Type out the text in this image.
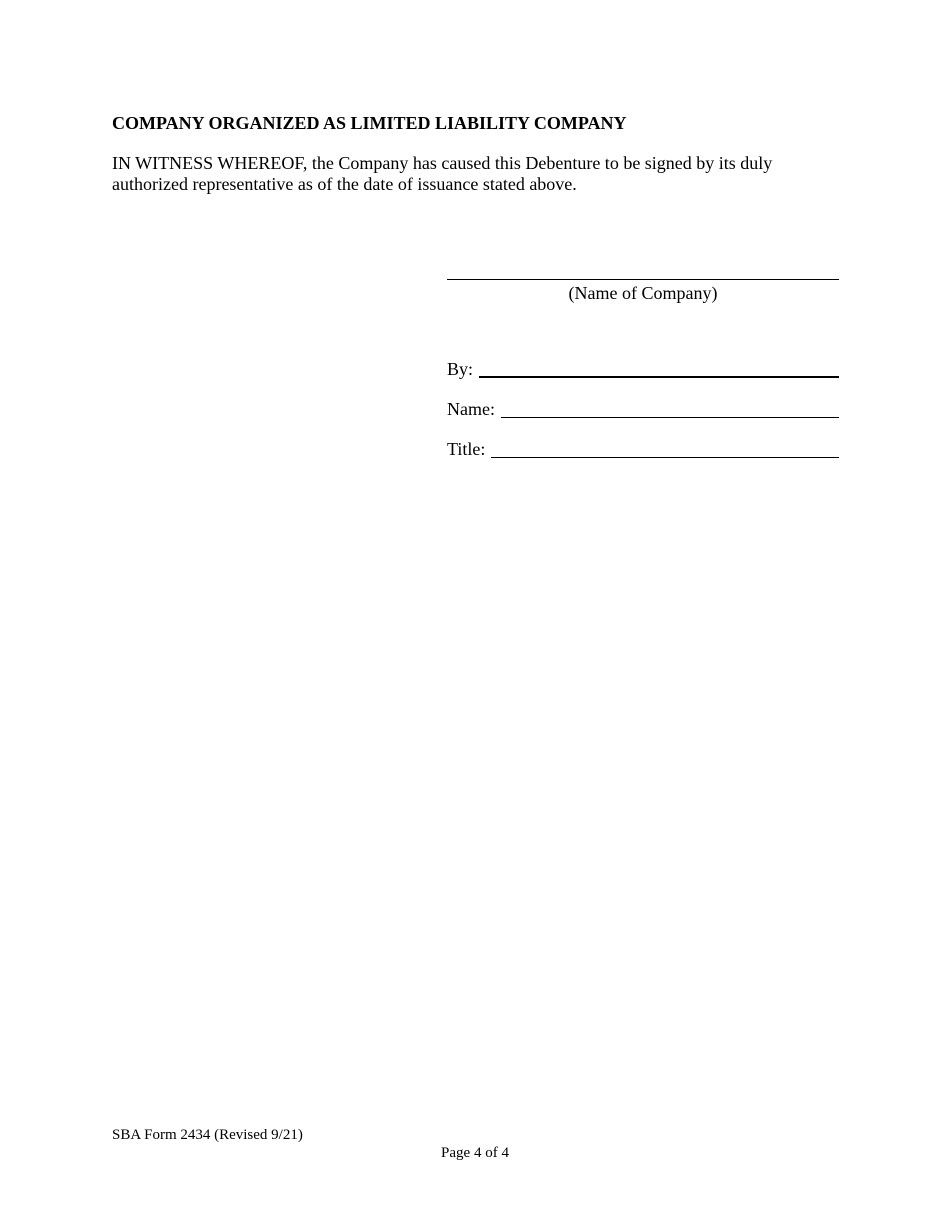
COMPANY ORGANIZED AS LIMITED LIABILITY COMPANY
IN WITNESS WHEREOF, the Company has caused this Debenture to be signed by its duly authorized representative as of the date of issuance stated above.
(Name of Company)
By:
Name:
Title:
SBA Form 2434 (Revised 9/21)
Page 4 of 4
